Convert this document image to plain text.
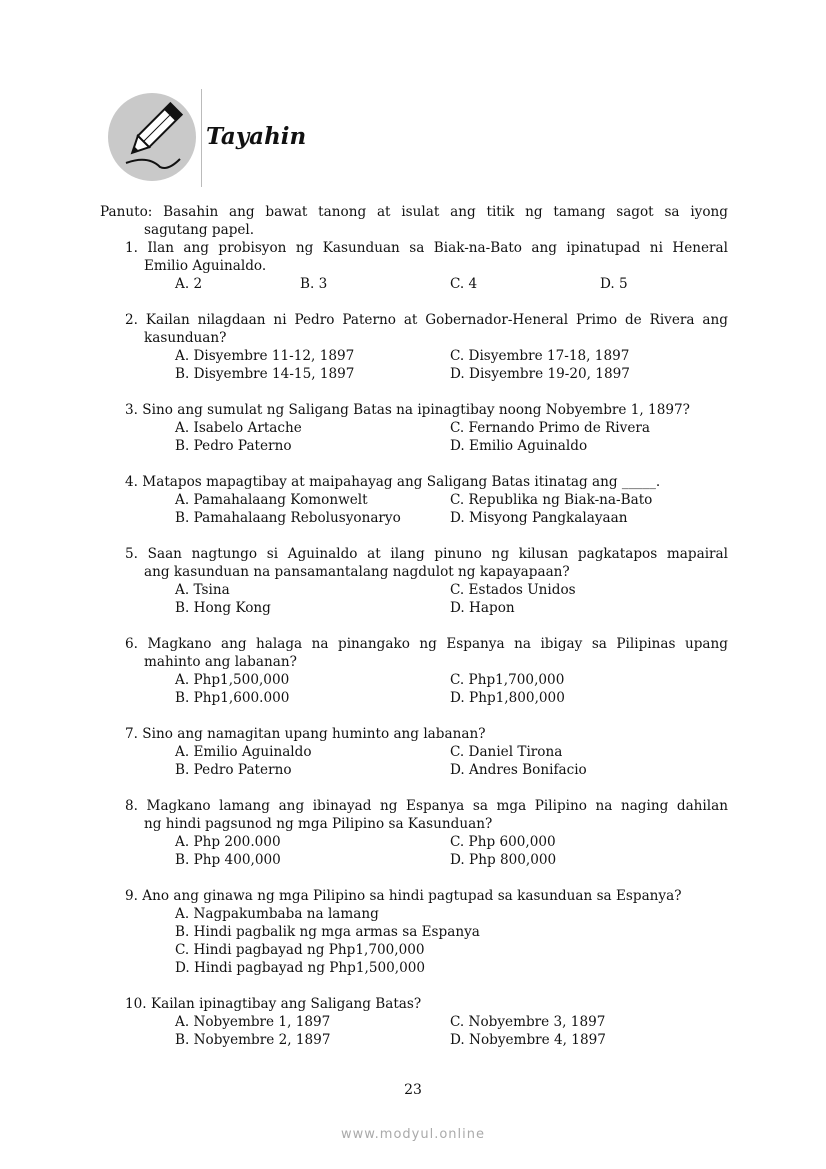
Tayahin
Panuto: Basahin ang bawat tanong at isulat ang titik ng tamang sagot sa iyong
sagutang papel.
1. Ilan ang probisyon ng Kasunduan sa Biak-na-Bato ang ipinatupad ni Heneral
Emilio Aguinaldo.
A. 2	B. 3	C. 4	D. 5
2. Kailan nilagdaan ni Pedro Paterno at Gobernador-Heneral Primo de Rivera ang
kasunduan?
A. Disyembre 11-12, 1897	C. Disyembre 17-18, 1897
B. Disyembre 14-15, 1897	D. Disyembre 19-20, 1897
3. Sino ang sumulat ng Saligang Batas na ipinagtibay noong Nobyembre 1, 1897?
A. Isabelo Artache	C. Fernando Primo de Rivera
B. Pedro Paterno	D. Emilio Aguinaldo
4. Matapos mapagtibay at maipahayag ang Saligang Batas itinatag ang _____.
A. Pamahalaang Komonwelt	C. Republika ng Biak-na-Bato
B. Pamahalaang Rebolusyonaryo	D. Misyong Pangkalayaan
5. Saan nagtungo si Aguinaldo at ilang pinuno ng kilusan pagkatapos mapairal
ang kasunduan na pansamantalang nagdulot ng kapayapaan?
A. Tsina	C. Estados Unidos
B. Hong Kong	D. Hapon
6. Magkano ang halaga na pinangako ng Espanya na ibigay sa Pilipinas upang
mahinto ang labanan?
A. Php1,500,000	C. Php1,700,000
B. Php1,600.000	D. Php1,800,000
7. Sino ang namagitan upang huminto ang labanan?
A. Emilio Aguinaldo	C. Daniel Tirona
B. Pedro Paterno	D. Andres Bonifacio
8. Magkano lamang ang ibinayad ng Espanya sa mga Pilipino na naging dahilan
ng hindi pagsunod ng mga Pilipino sa Kasunduan?
A. Php 200.000	C. Php 600,000
B. Php 400,000	D. Php 800,000
9. Ano ang ginawa ng mga Pilipino sa hindi pagtupad sa kasunduan sa Espanya?
A. Nagpakumbaba na lamang
B. Hindi pagbalik ng mga armas sa Espanya
C. Hindi pagbayad ng Php1,700,000
D. Hindi pagbayad ng Php1,500,000
10. Kailan ipinagtibay ang Saligang Batas?
A. Nobyembre 1, 1897	C. Nobyembre 3, 1897
B. Nobyembre 2, 1897	D. Nobyembre 4, 1897
23
www.modyul.online
